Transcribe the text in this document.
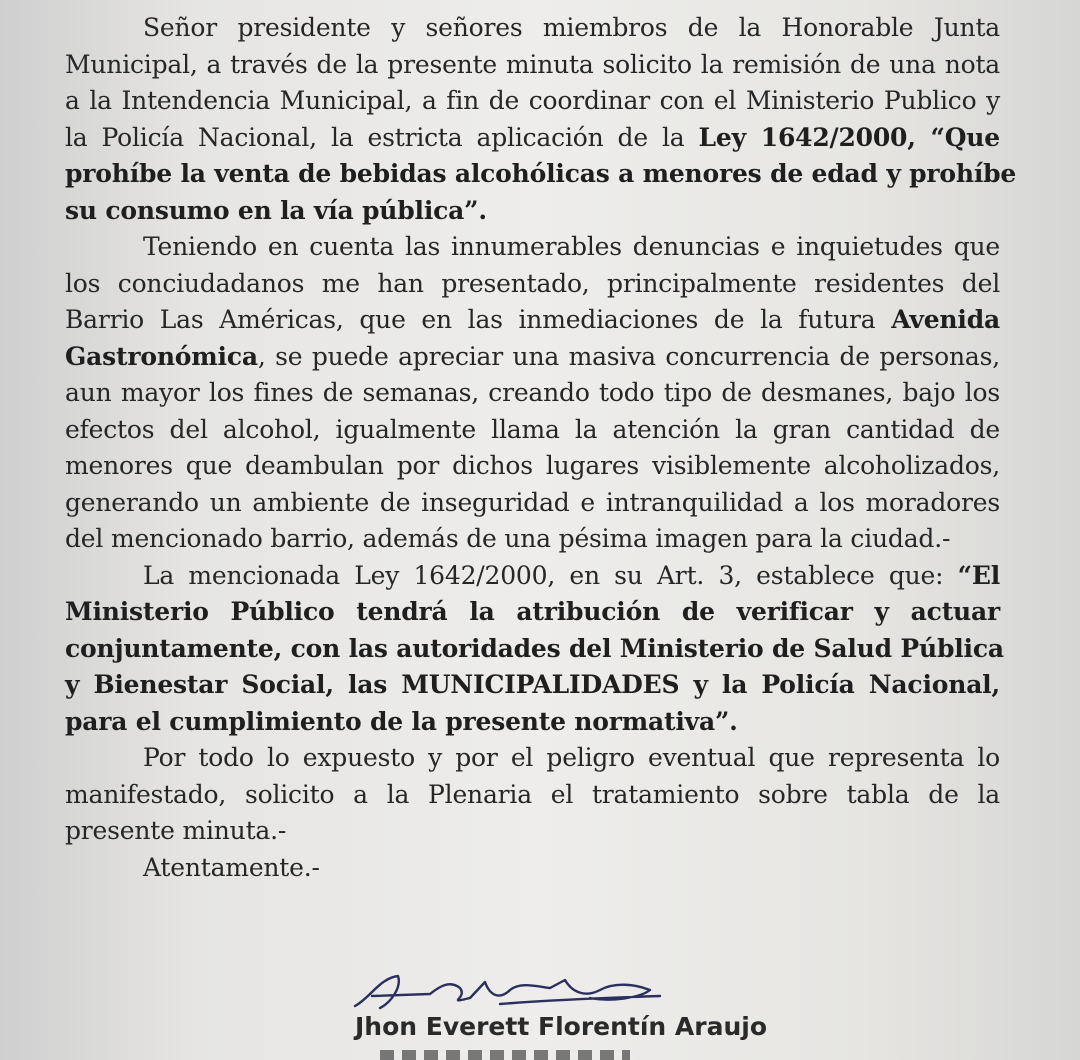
Señor presidente y señores miembros de la Honorable Junta
Municipal, a través de la presente minuta solicito la remisión de una nota
a la Intendencia Municipal, a fin de coordinar con el Ministerio Publico y
la Policía Nacional, la estricta aplicación de la Ley 1642/2000, “Que
prohíbe la venta de bebidas alcohólicas a menores de edad y prohíbe
su consumo en la vía pública”.
Teniendo en cuenta las innumerables denuncias e inquietudes que
los conciudadanos me han presentado, principalmente residentes del
Barrio Las Américas, que en las inmediaciones de la futura Avenida
Gastronómica, se puede apreciar una masiva concurrencia de personas,
aun mayor los fines de semanas, creando todo tipo de desmanes, bajo los
efectos del alcohol, igualmente llama la atención la gran cantidad de
menores que deambulan por dichos lugares visiblemente alcoholizados,
generando un ambiente de inseguridad e intranquilidad a los moradores
del mencionado barrio, además de una pésima imagen para la ciudad.-
La mencionada Ley 1642/2000, en su Art. 3, establece que: “El
Ministerio Público tendrá la atribución de verificar y actuar
conjuntamente, con las autoridades del Ministerio de Salud Pública
y Bienestar Social, las MUNICIPALIDADES y la Policía Nacional,
para el cumplimiento de la presente normativa”.
Por todo lo expuesto y por el peligro eventual que representa lo
manifestado, solicito a la Plenaria el tratamiento sobre tabla de la
presente minuta.-
Atentamente.-
Jhon Everett Florentín Araujo
